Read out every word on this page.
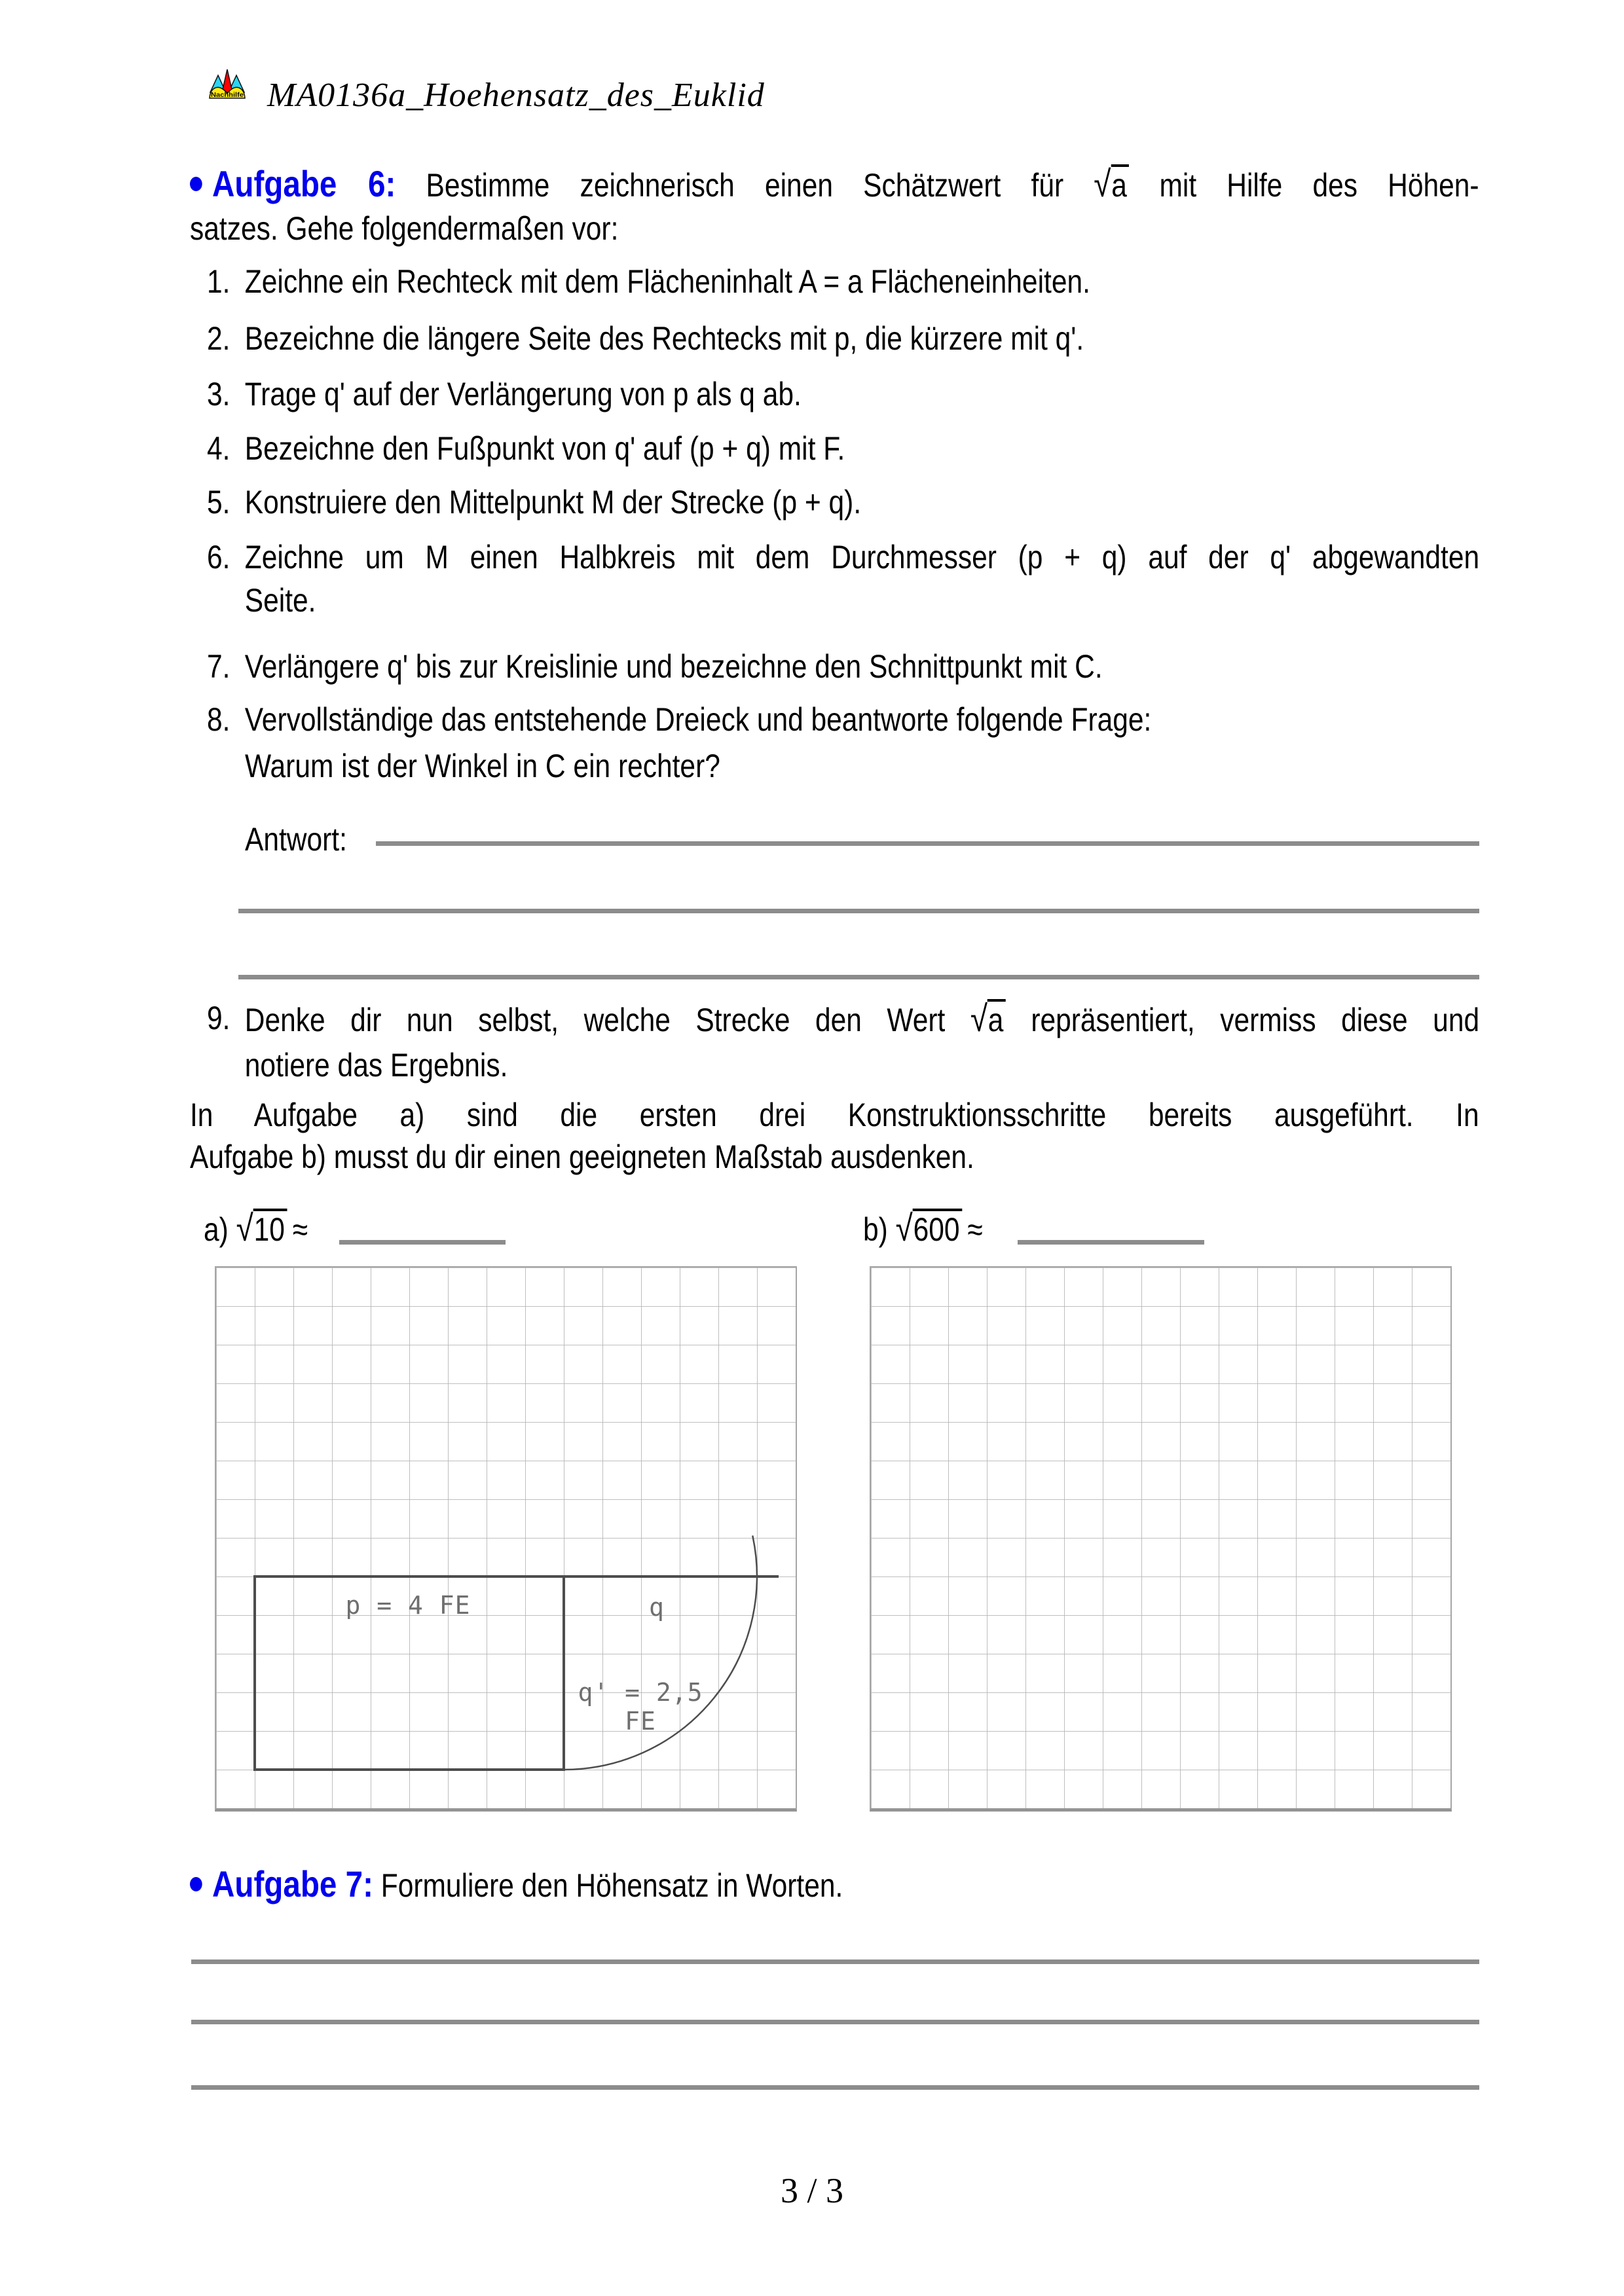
Nachhilfe MA0136a_Hoehensatz_des_Euklid
Aufgabe 6: Bestimme zeichnerisch einen Schätzwert für √a mit Hilfe des Höhen-
satzes. Gehe folgendermaßen vor:
1. Zeichne ein Rechteck mit dem Flächeninhalt A = a Flächeneinheiten.
2. Bezeichne die längere Seite des Rechtecks mit p, die kürzere mit q'.
3. Trage q' auf der Verlängerung von p als q ab.
4. Bezeichne den Fußpunkt von q' auf (p + q) mit F.
5. Konstruiere den Mittelpunkt M der Strecke (p + q).
6. Zeichne um M einen Halbkreis mit dem Durchmesser (p + q) auf der q' abgewandten
Seite.
7. Verlängere q' bis zur Kreislinie und bezeichne den Schnittpunkt mit C.
8. Vervollständige das entstehende Dreieck und beantworte folgende Frage:
Warum ist der Winkel in C ein rechter?
Antwort:
9. Denke dir nun selbst, welche Strecke den Wert √a repräsentiert, vermiss diese und
notiere das Ergebnis.
In Aufgabe a) sind die ersten drei Konstruktionsschritte bereits ausgeführt. In
Aufgabe b) musst du dir einen geeigneten Maßstab ausdenken.
a) √10 ≈	b) √600 ≈
p = 4 FE	q
q' = 2,5 FE
Aufgabe 7: Formuliere den Höhensatz in Worten.
3 / 3
